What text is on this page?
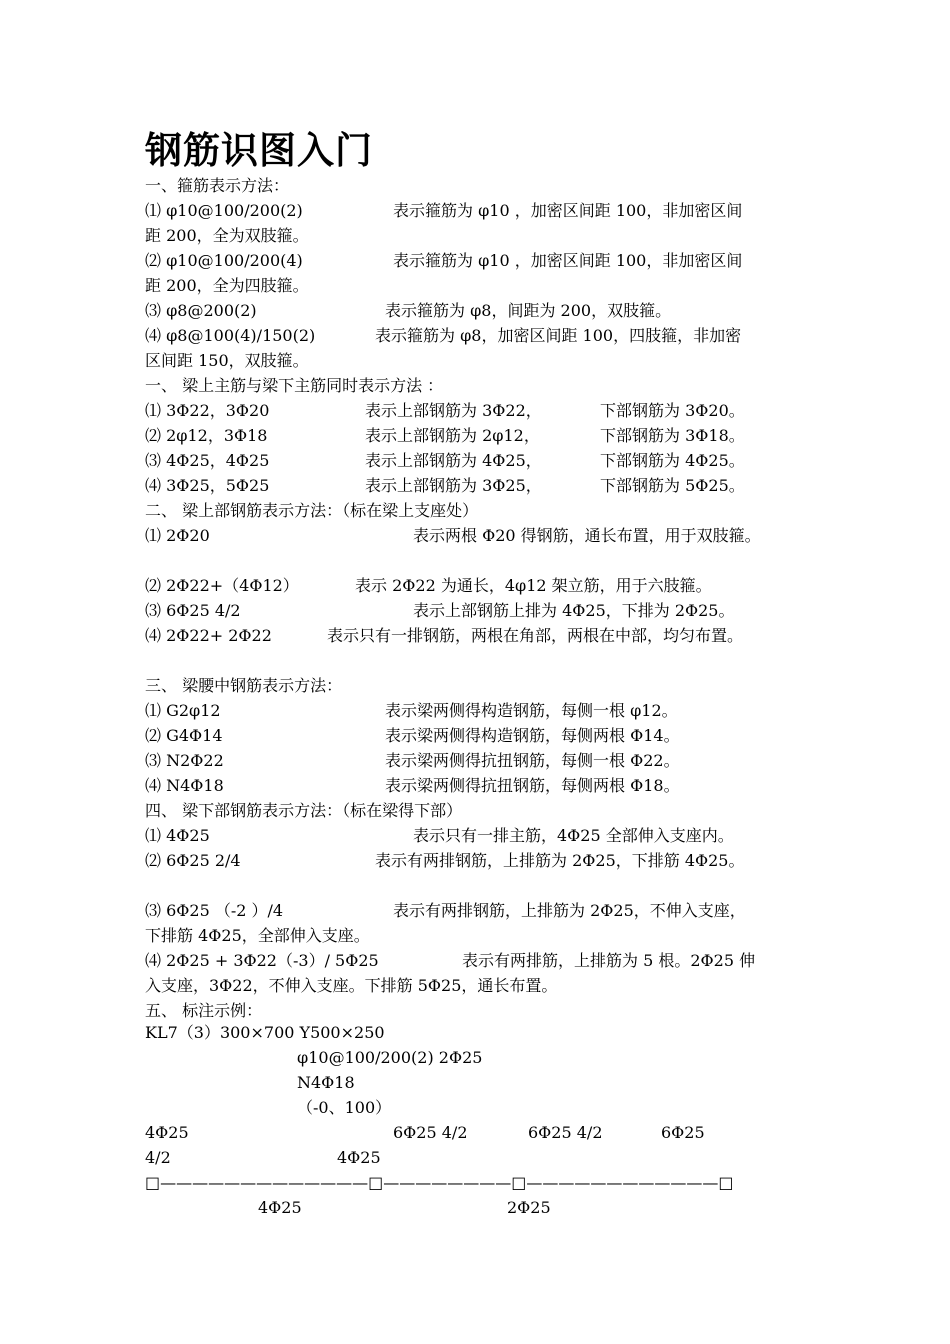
钢筋识图入门
一、箍筋表示方法：
⑴ φ10@100/200(2)	表示箍筋为 φ10 ，加密区间距 100，非加密区间
距 200，全为双肢箍。
⑵ φ10@100/200(4)	表示箍筋为 φ10 ，加密区间距 100，非加密区间
距 200，全为四肢箍。
⑶ φ8@200(2)	表示箍筋为 φ8，间距为 200，双肢箍。
⑷ φ8@100(4)/150(2)	表示箍筋为 φ8，加密区间距 100，四肢箍，非加密
区间距 150，双肢箍。
一、 梁上主筋与梁下主筋同时表示方法 ：
⑴ 3Φ22，3Φ20	表示上部钢筋为 3Φ22，	下部钢筋为 3Φ20。
⑵ 2φ12，3Φ18	表示上部钢筋为 2φ12，	下部钢筋为 3Φ18。
⑶ 4Φ25，4Φ25	表示上部钢筋为 4Φ25，	下部钢筋为 4Φ25。
⑷ 3Φ25，5Φ25	表示上部钢筋为 3Φ25，	下部钢筋为 5Φ25。
二、 梁上部钢筋表示方法：（标在梁上支座处）
⑴ 2Φ20	表示两根 Φ20 得钢筋，通长布置，用于双肢箍。
⑵ 2Φ22+（4Φ12）	表示 2Φ22 为通长，4φ12 架立筋，用于六肢箍。
⑶ 6Φ25 4/2	表示上部钢筋上排为 4Φ25，下排为 2Φ25。
⑷ 2Φ22+ 2Φ22	表示只有一排钢筋，两根在角部，两根在中部，均匀布置。
三、 梁腰中钢筋表示方法：
⑴ G2φ12	表示梁两侧得构造钢筋，每侧一根 φ12。
⑵ G4Φ14	表示梁两侧得构造钢筋，每侧两根 Φ14。
⑶ N2Φ22	表示梁两侧得抗扭钢筋，每侧一根 Φ22。
⑷ N4Φ18	表示梁两侧得抗扭钢筋，每侧两根 Φ18。
四、 梁下部钢筋表示方法：（标在梁得下部）
⑴ 4Φ25	表示只有一排主筋，4Φ25 全部伸入支座内。
⑵ 6Φ25 2/4	表示有两排钢筋，上排筋为 2Φ25，下排筋 4Φ25。
⑶ 6Φ25 （-2 ）/4	表示有两排钢筋，上排筋为 2Φ25，不伸入支座，
下排筋 4Φ25，全部伸入支座。
⑷ 2Φ25 + 3Φ22（-3）/ 5Φ25	表示有两排筋，上排筋为 5 根。2Φ25 伸
入支座，3Φ22，不伸入支座。下排筋 5Φ25，通长布置。
五、 标注示例：
KL7（3）300×700 Y500×250
φ10@100/200(2) 2Φ25
N4Φ18
（-0、100）
4Φ25	6Φ25 4/2	6Φ25 4/2	6Φ25
4/2	4Φ25
□—————————————□————————□————————————□
4Φ25	2Φ25
